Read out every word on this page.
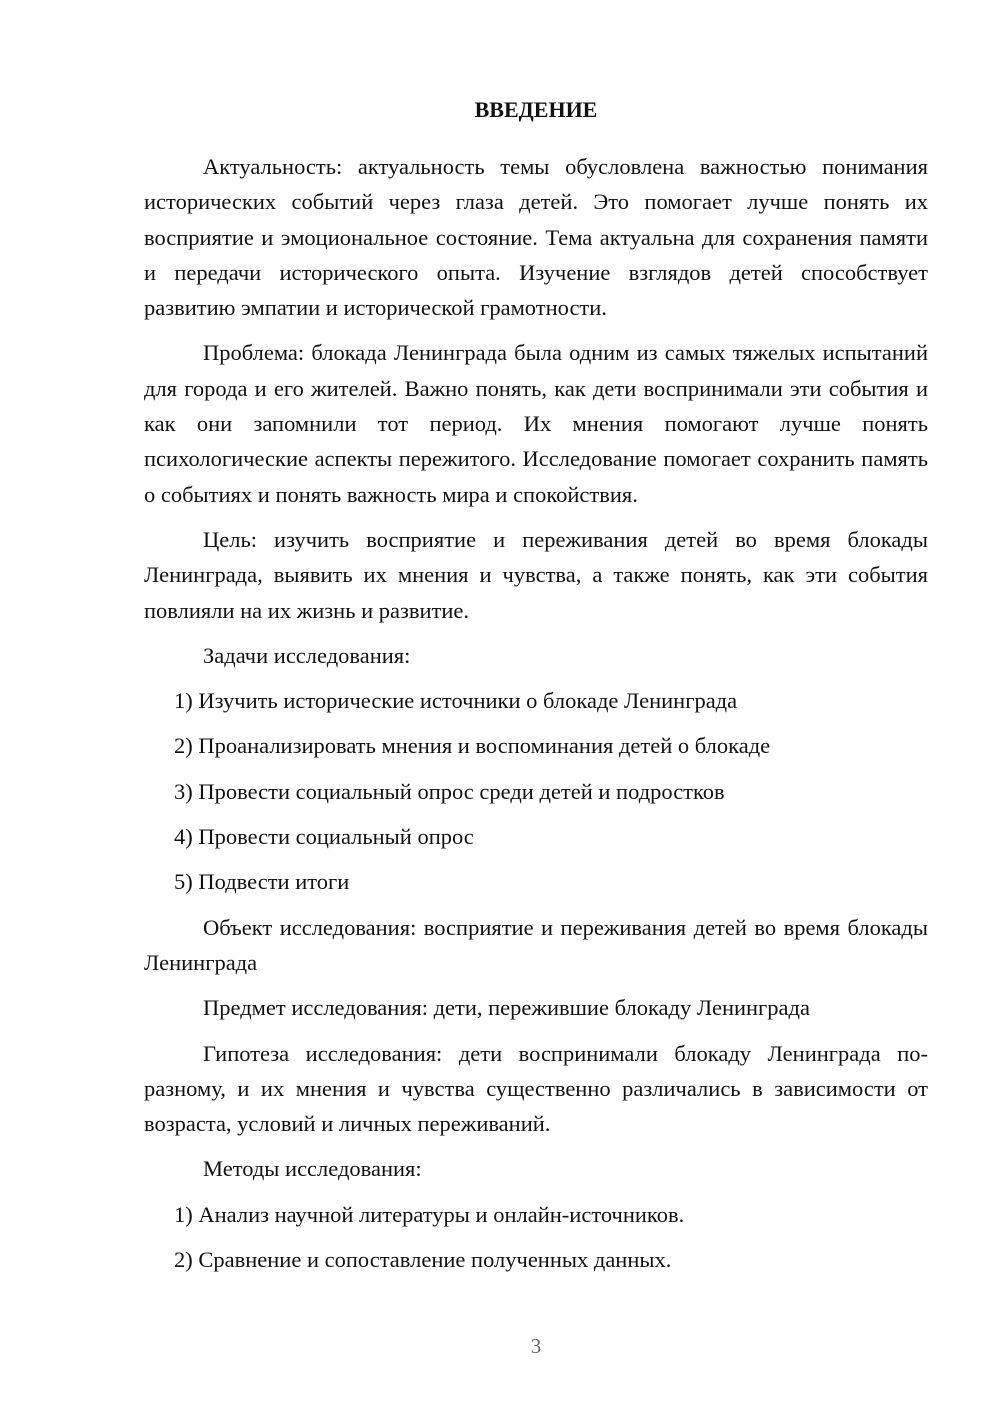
ВВЕДЕНИЕ

Актуальность: актуальность темы обусловлена важностью понимания исторических событий через глаза детей. Это помогает лучше понять их восприятие и эмоциональное состояние. Тема актуальна для сохранения памяти и передачи исторического опыта. Изучение взглядов детей способствует развитию эмпатии и исторической грамотности.

Проблема: блокада Ленинграда была одним из самых тяжелых испытаний для города и его жителей. Важно понять, как дети воспринимали эти события и как они запомнили тот период. Их мнения помогают лучше понять психологические аспекты пережитого. Исследование помогает сохранить память о событиях и понять важность мира и спокойствия.

Цель: изучить восприятие и переживания детей во время блокады Ленинграда, выявить их мнения и чувства, а также понять, как эти события повлияли на их жизнь и развитие.

Задачи исследования:

1) Изучить исторические источники о блокаде Ленинграда
2) Проанализировать мнения и воспоминания детей о блокаде
3) Провести социальный опрос среди детей и подростков
4) Провести социальный опрос
5) Подвести итоги

Объект исследования: восприятие и переживания детей во время блокады Ленинграда

Предмет исследования: дети, пережившие блокаду Ленинграда

Гипотеза исследования: дети воспринимали блокаду Ленинграда по-разному, и их мнения и чувства существенно различались в зависимости от возраста, условий и личных переживаний.

Методы исследования:

1) Анализ научной литературы и онлайн-источников.
2) Сравнение и сопоставление полученных данных.
3
